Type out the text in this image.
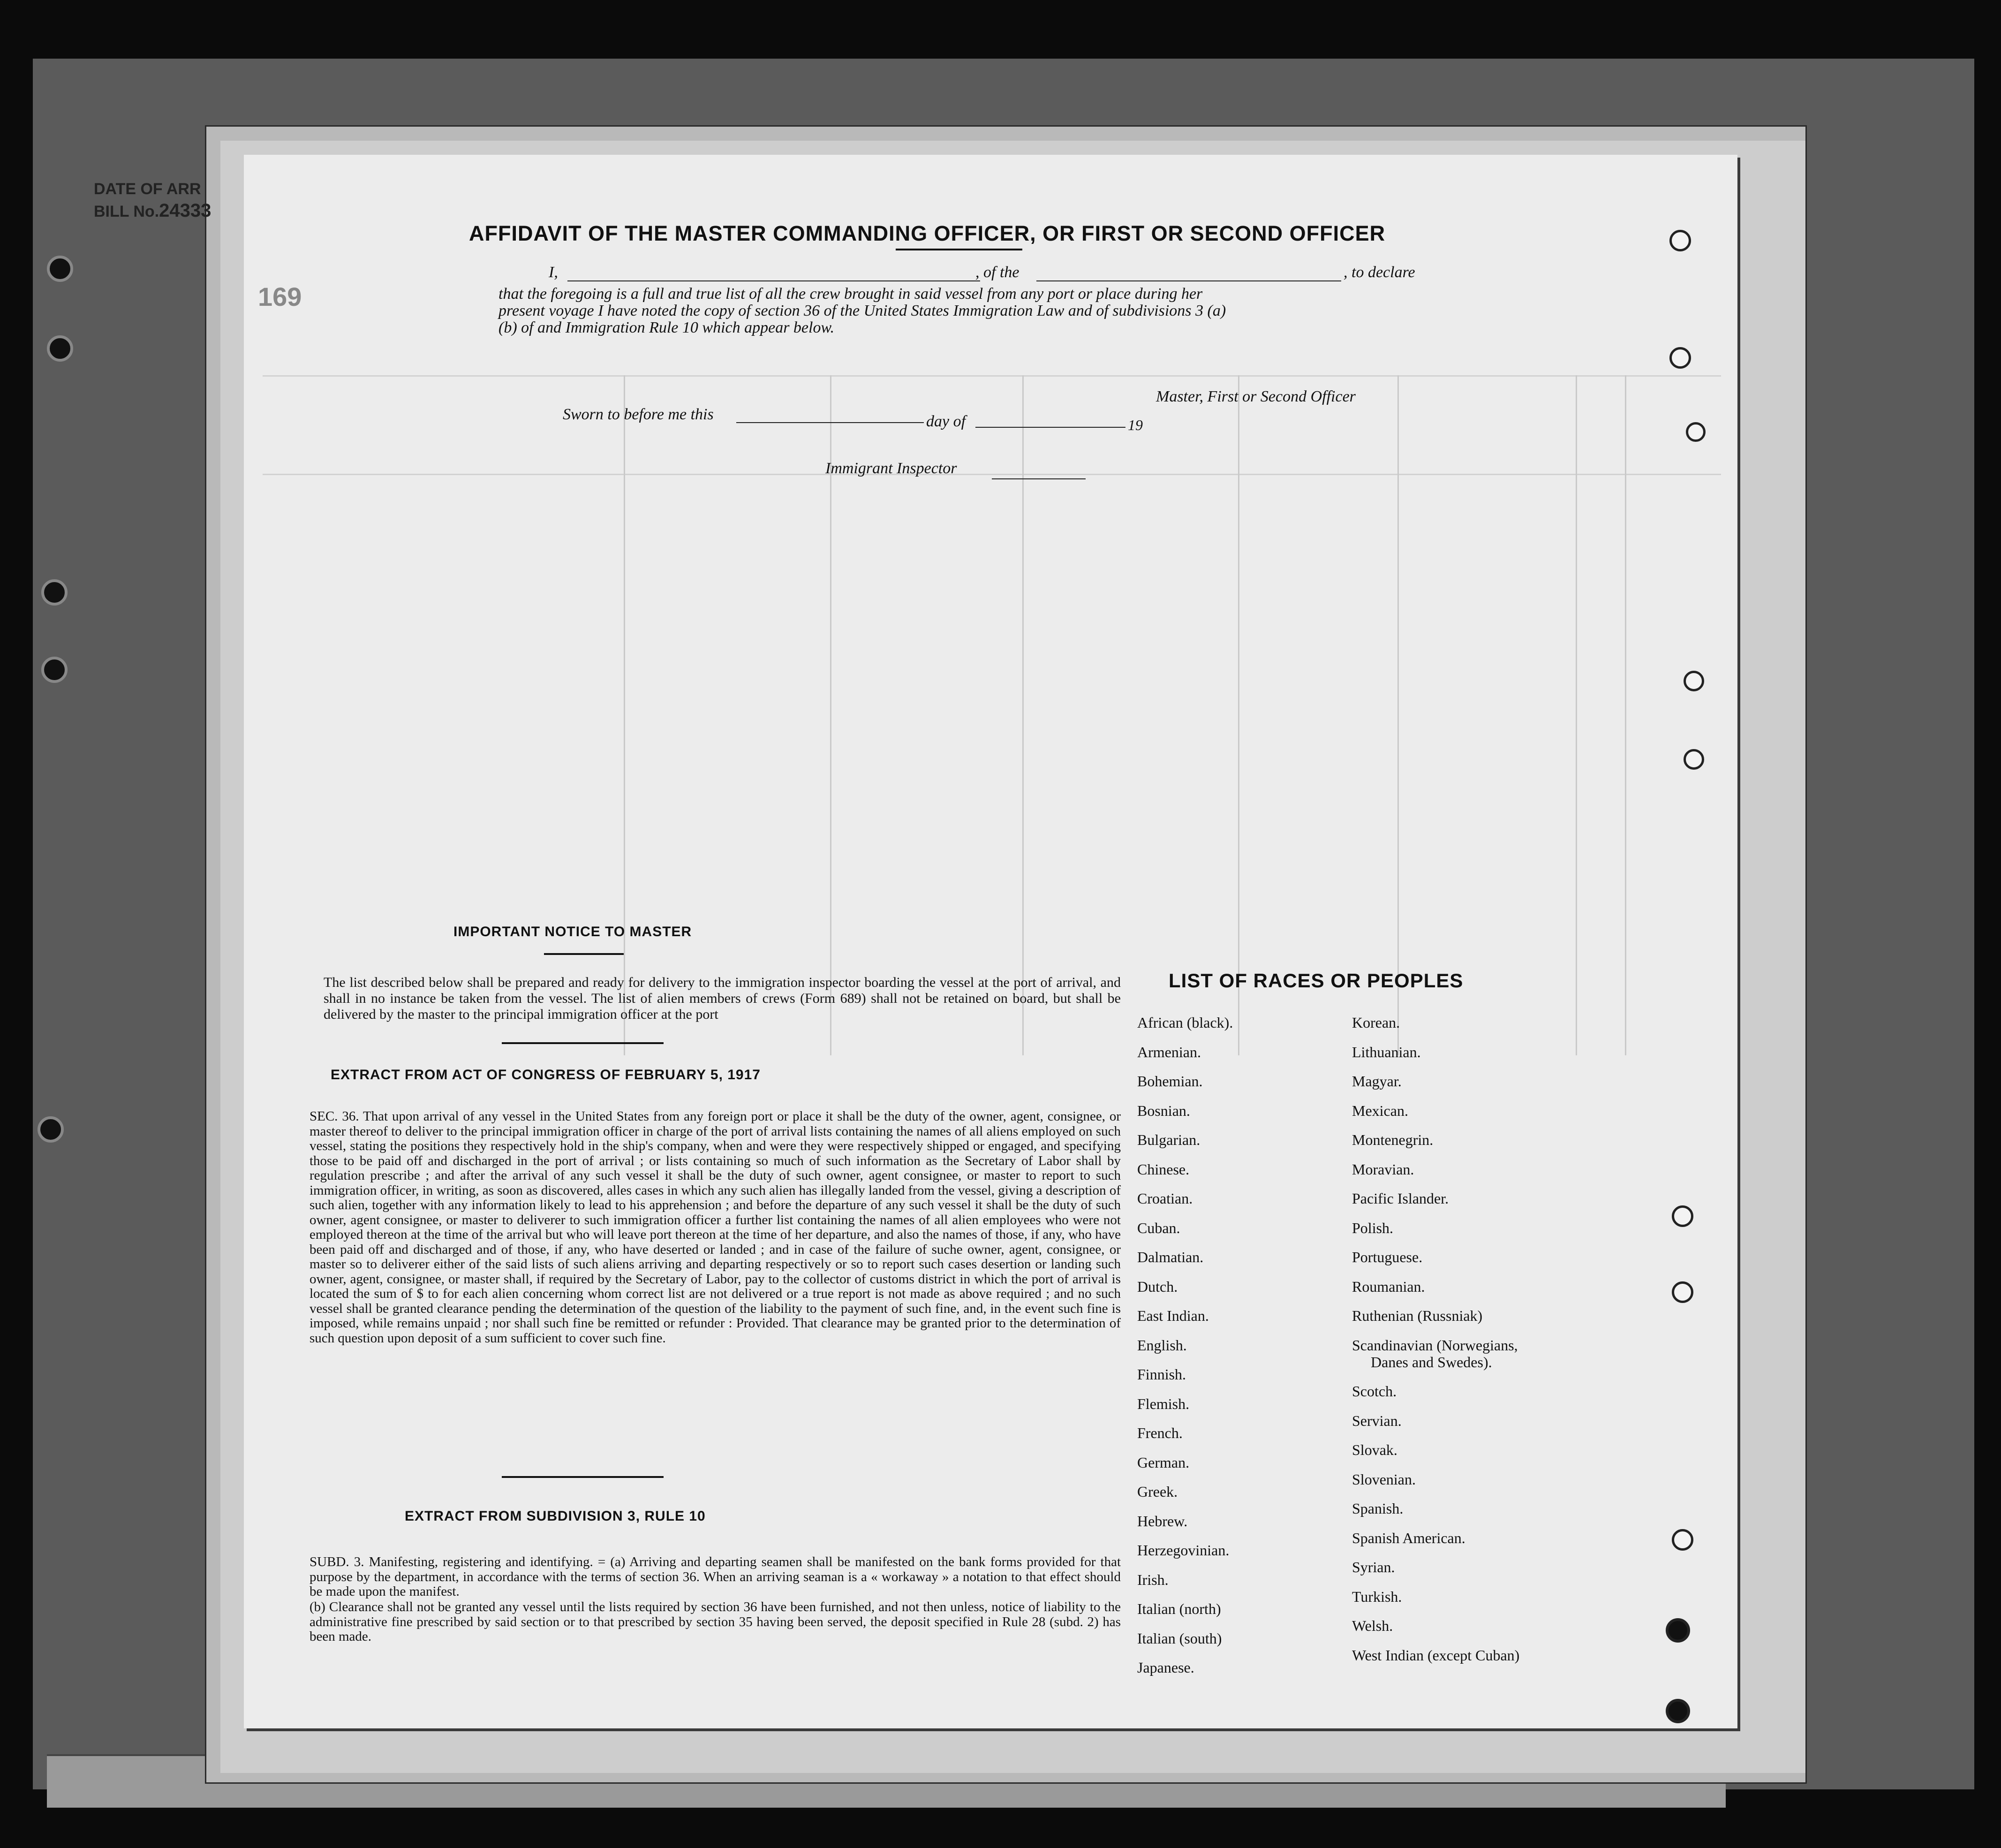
DATE OF ARR
BILL No.24333
169
AFFIDAVIT OF THE MASTER COMMANDING OFFICER, OR FIRST OR SECOND OFFICER
I,	, of the	, to declare
that the foregoing is a full and true list of all the crew brought in said vessel from any port or place during her
present voyage I have noted the copy of section 36 of the United States Immigration Law and of subdivisions 3 (a)
(b) of and Immigration Rule 10 which appear below.
Master, First or Second Officer
Sworn to before me this	day of	19
Immigrant Inspector
IMPORTANT NOTICE TO MASTER
The list described below shall be prepared and ready for delivery to the immigration inspector boarding the vessel at the port of arrival, and shall in no instance be taken from the vessel. The list of alien members of crews (Form 689) shall not be retained on board, but shall be delivered by the master to the principal immigration officer at the port
EXTRACT FROM ACT OF CONGRESS OF FEBRUARY 5, 1917
SEC. 36. That upon arrival of any vessel in the United States from any foreign port or place it shall be the duty of the owner, agent, consignee, or master thereof to deliver to the principal immigration officer in charge of the port of arrival lists containing the names of all aliens employed on such vessel, stating the positions they respectively hold in the ship's company, when and were they were respectively shipped or engaged, and specifying those to be paid off and discharged in the port of arrival ; or lists containing so much of such information as the Secretary of Labor shall by regulation prescribe ; and after the arrival of any such vessel it shall be the duty of such owner, agent consignee, or master to report to such immigration officer, in writing, as soon as discovered, alles cases in which any such alien has illegally landed from the vessel, giving a description of such alien, together with any information likely to lead to his apprehension ; and before the departure of any such vessel it shall be the duty of such owner, agent consignee, or master to deliverer to such immigration officer a further list containing the names of all alien employees who were not employed thereon at the time of the arrival but who will leave port thereon at the time of her departure, and also the names of those, if any, who have been paid off and discharged and of those, if any, who have deserted or landed ; and in case of the failure of suche owner, agent, consignee, or master so to deliverer either of the said lists of such aliens arriving and departing respectively or so to report such cases desertion or landing such owner, agent, consignee, or master shall, if required by the Secretary of Labor, pay to the collector of customs district in which the port of arrival is located the sum of $ to for each alien concerning whom correct list are not delivered or a true report is not made as above required ; and no such vessel shall be granted clearance pending the determination of the question of the liability to the payment of such fine, and, in the event such fine is imposed, while remains unpaid ; nor shall such fine be remitted or refunder : Provided. That clearance may be granted prior to the determination of such question upon deposit of a sum sufficient to cover such fine.
EXTRACT FROM SUBDIVISION 3, RULE 10
SUBD. 3. Manifesting, registering and identifying. = (a) Arriving and departing seamen shall be manifested on the bank forms provided for that purpose by the department, in accordance with the terms of section 36. When an arriving seaman is a « workaway » a notation to that effect should be made upon the manifest.
(b) Clearance shall not be granted any vessel until the lists required by section 36 have been furnished, and not then unless, notice of liability to the administrative fine prescribed by said section or to that prescribed by section 35 having been served, the deposit specified in Rule 28 (subd. 2) has been made.
LIST OF RACES OR PEOPLES
African (black).
Armenian.
Bohemian.
Bosnian.
Bulgarian.
Chinese.
Croatian.
Cuban.
Dalmatian.
Dutch.
East Indian.
English.
Finnish.
Flemish.
French.
German.
Greek.
Hebrew.
Herzegovinian.
Irish.
Italian (north)
Italian (south)
Japanese.
Korean.
Lithuanian.
Magyar.
Mexican.
Montenegrin.
Moravian.
Pacific Islander.
Polish.
Portuguese.
Roumanian.
Ruthenian (Russniak)
Scandinavian (Norwegians,
Danes and Swedes).
Scotch.
Servian.
Slovak.
Slovenian.
Spanish.
Spanish American.
Syrian.
Turkish.
Welsh.
West Indian (except Cuban)
